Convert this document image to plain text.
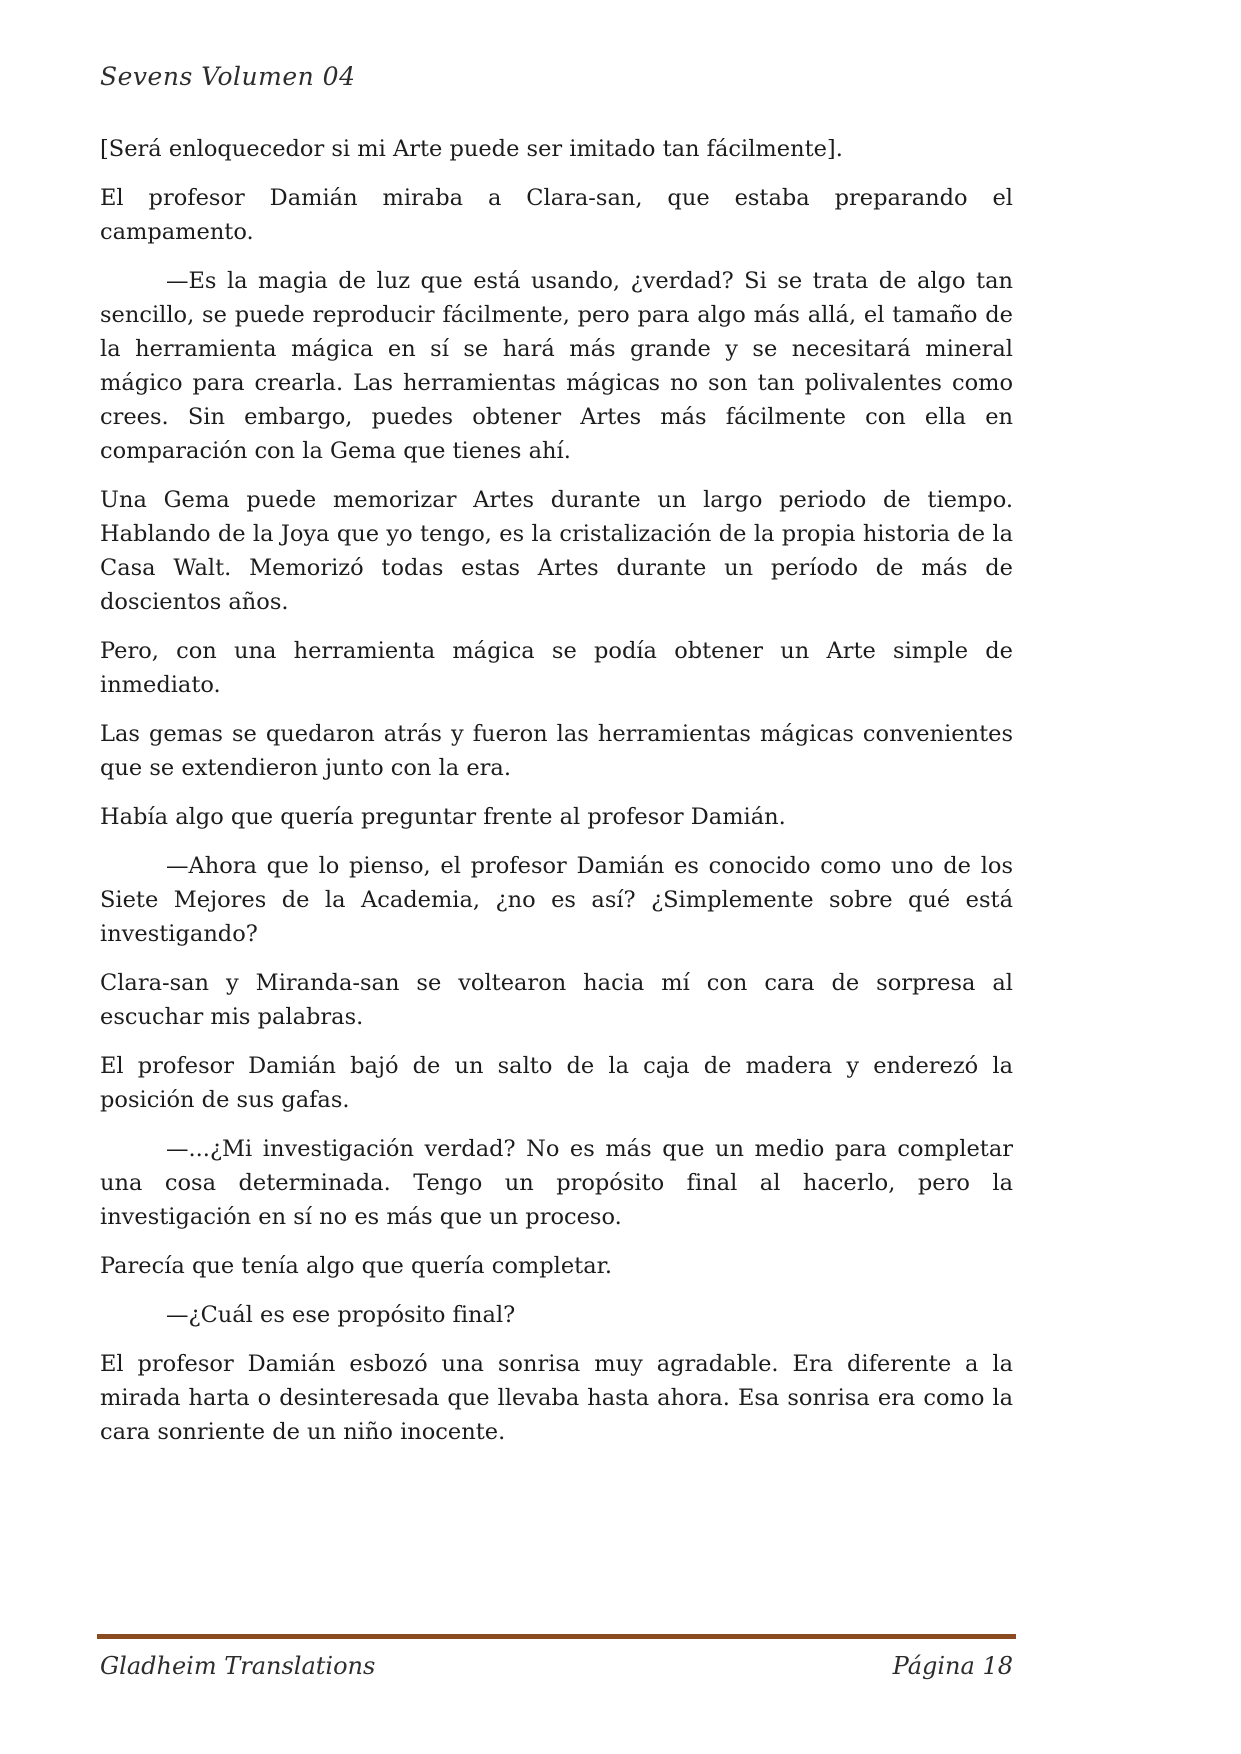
Sevens Volumen 04

[Será enloquecedor si mi Arte puede ser imitado tan fácilmente].

El profesor Damián miraba a Clara-san, que estaba preparando el campamento.

—Es la magia de luz que está usando, ¿verdad? Si se trata de algo tan sencillo, se puede reproducir fácilmente, pero para algo más allá, el tamaño de la herramienta mágica en sí se hará más grande y se necesitará mineral mágico para crearla. Las herramientas mágicas no son tan polivalentes como crees. Sin embargo, puedes obtener Artes más fácilmente con ella en comparación con la Gema que tienes ahí.

Una Gema puede memorizar Artes durante un largo periodo de tiempo. Hablando de la Joya que yo tengo, es la cristalización de la propia historia de la Casa Walt. Memorizó todas estas Artes durante un período de más de doscientos años.

Pero, con una herramienta mágica se podía obtener un Arte simple de inmediato.

Las gemas se quedaron atrás y fueron las herramientas mágicas convenientes que se extendieron junto con la era.

Había algo que quería preguntar frente al profesor Damián.

—Ahora que lo pienso, el profesor Damián es conocido como uno de los Siete Mejores de la Academia, ¿no es así? ¿Simplemente sobre qué está investigando?

Clara-san y Miranda-san se voltearon hacia mí con cara de sorpresa al escuchar mis palabras.

El profesor Damián bajó de un salto de la caja de madera y enderezó la posición de sus gafas.

—...¿Mi investigación verdad? No es más que un medio para completar una cosa determinada. Tengo un propósito final al hacerlo, pero la investigación en sí no es más que un proceso.

Parecía que tenía algo que quería completar.

—¿Cuál es ese propósito final?

El profesor Damián esbozó una sonrisa muy agradable. Era diferente a la mirada harta o desinteresada que llevaba hasta ahora. Esa sonrisa era como la cara sonriente de un niño inocente.

Gladheim Translations	Página 18
